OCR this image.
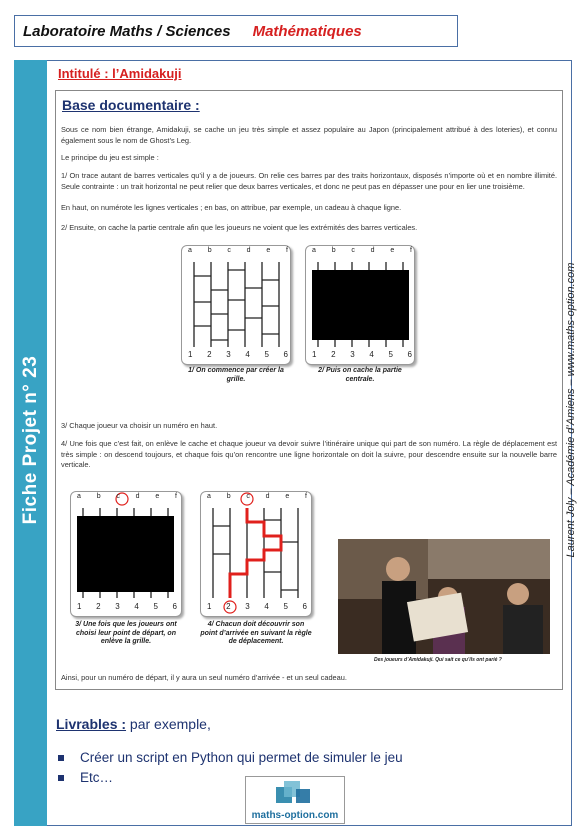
Laboratoire Maths / Sciences Mathématiques
Fiche Projet n° 23	Laurent Joly – Académie d’Amiens – www.maths-option.com
Intitulé : l’Amidakuji
Base documentaire :
Sous ce nom bien étrange, Amidakuji, se cache un jeu très simple et assez populaire au Japon (principalement attribué à des loteries), et connu également sous le nom de Ghost’s Leg.
Le principe du jeu est simple :
1/ On trace autant de barres verticales qu’il y a de joueurs. On relie ces barres par des traits horizontaux, disposés n’importe où et en nombre illimité. Seule contrainte : un trait horizontal ne peut relier que deux barres verticales, et donc ne peut pas en dépasser une pour en lier une troisième.
En haut, on numérote les lignes verticales ; en bas, on attribue, par exemple, un cadeau à chaque ligne.
2/ Ensuite, on cache la partie centrale afin que les joueurs ne voient que les extrémités des barres verticales.
a b c d e f
1 2 3 4 5 6
1/ On commence par créer la grille.
a b c d e f
1 2 3 4 5 6
2/ Puis on cache la partie centrale.
3/ Chaque joueur va choisir un numéro en haut.
4/ Une fois que c’est fait, on enlève le cache et chaque joueur va devoir suivre l’itinéraire unique qui part de son numéro. La règle de déplacement est très simple : on descend toujours, et chaque fois qu’on rencontre une ligne horizontale on doit la suivre, pour descendre ensuite sur la nouvelle barre verticale.
a b c d e f
1 2 3 4 5 6
3/ Une fois que les joueurs ont choisi leur point de départ, on enlève la grille.
a b c d e f
1 2 3 4 5 6
4/ Chacun doit découvrir son point d’arrivée en suivant la règle de déplacement.
Des joueurs d’Amidakuji. Qui sait ce qu’ils ont parié ?
Ainsi, pour un numéro de départ, il y aura un seul numéro d’arrivée - et un seul cadeau.
Livrables : par exemple,
Créer un script en Python qui permet de simuler le jeu
Etc…
maths-option.com
